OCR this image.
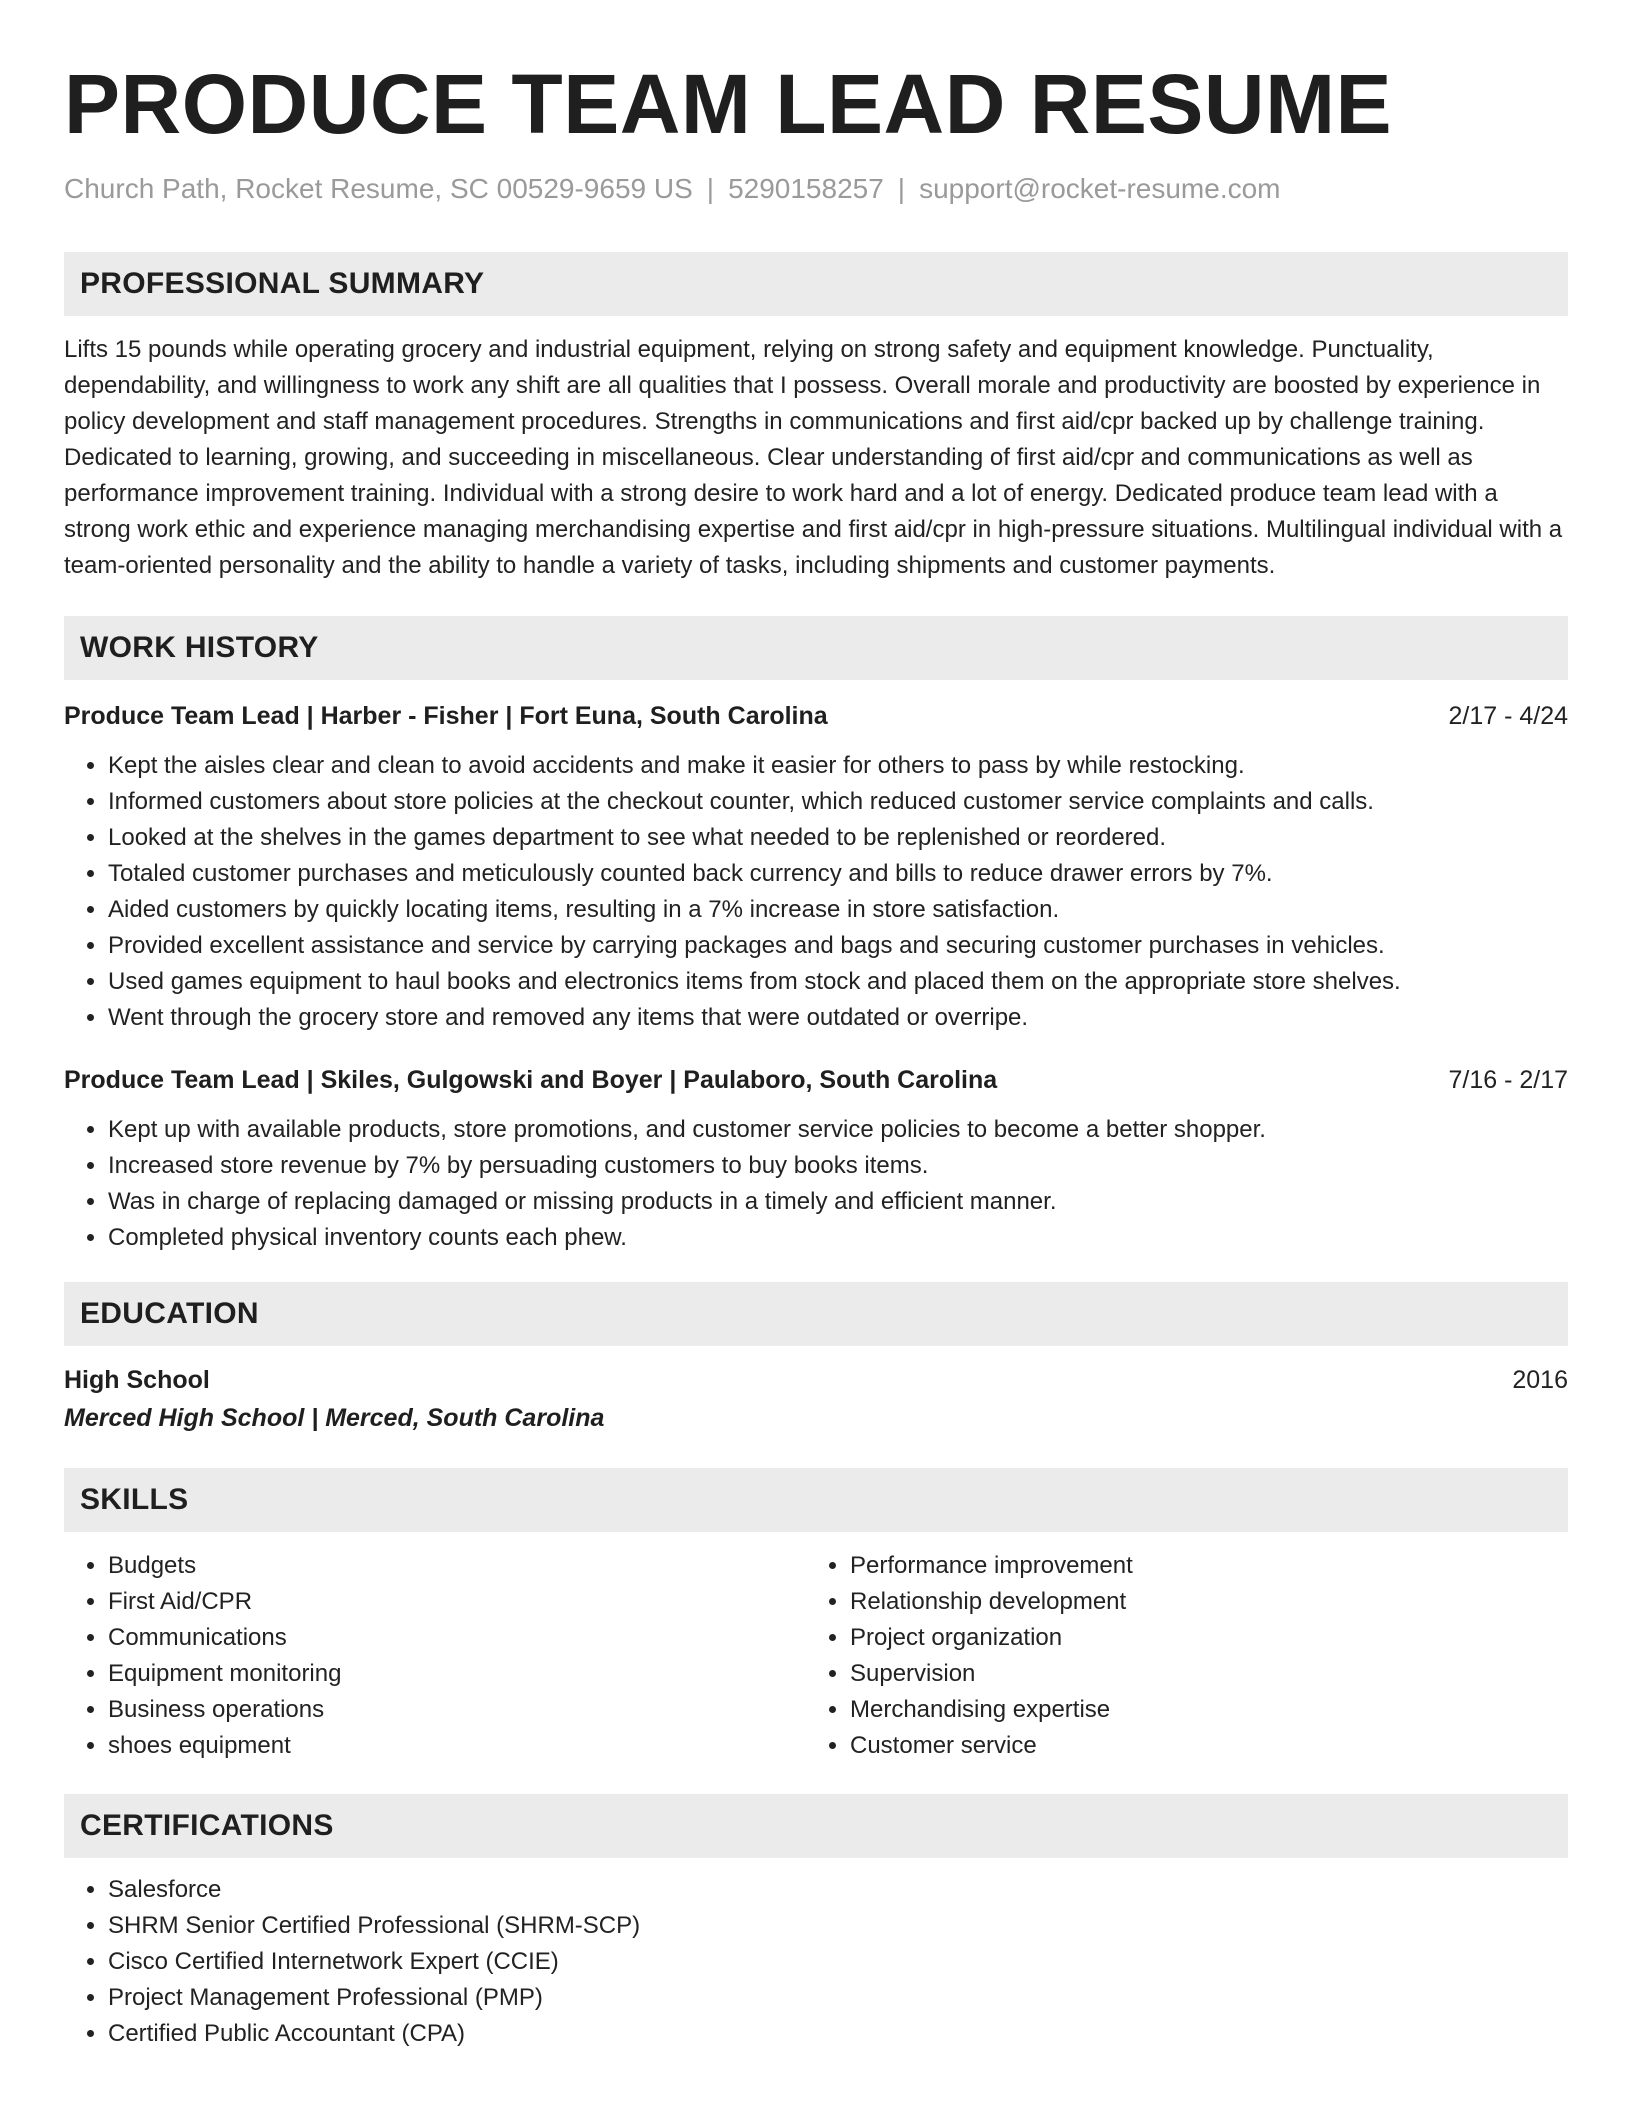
PRODUCE TEAM LEAD RESUME
Church Path, Rocket Resume, SC 00529-9659 US | 5290158257 | support@rocket-resume.com
PROFESSIONAL SUMMARY

Lifts 15 pounds while operating grocery and industrial equipment, relying on strong safety and equipment knowledge. Punctuality, dependability, and willingness to work any shift are all qualities that I possess. Overall morale and productivity are boosted by experience in policy development and staff management procedures. Strengths in communications and first aid/cpr backed up by challenge training. Dedicated to learning, growing, and succeeding in miscellaneous. Clear understanding of first aid/cpr and communications as well as performance improvement training. Individual with a strong desire to work hard and a lot of energy. Dedicated produce team lead with a strong work ethic and experience managing merchandising expertise and first aid/cpr in high-pressure situations. Multilingual individual with a team-oriented personality and the ability to handle a variety of tasks, including shipments and customer payments.

WORK HISTORY
Produce Team Lead | Harber - Fisher | Fort Euna, South Carolina	2/17 - 4/24
• Kept the aisles clear and clean to avoid accidents and make it easier for others to pass by while restocking.
• Informed customers about store policies at the checkout counter, which reduced customer service complaints and calls.
• Looked at the shelves in the games department to see what needed to be replenished or reordered.
• Totaled customer purchases and meticulously counted back currency and bills to reduce drawer errors by 7%.
• Aided customers by quickly locating items, resulting in a 7% increase in store satisfaction.
• Provided excellent assistance and service by carrying packages and bags and securing customer purchases in vehicles.
• Used games equipment to haul books and electronics items from stock and placed them on the appropriate store shelves.
• Went through the grocery store and removed any items that were outdated or overripe.
Produce Team Lead | Skiles, Gulgowski and Boyer | Paulaboro, South Carolina	7/16 - 2/17
• Kept up with available products, store promotions, and customer service policies to become a better shopper.
• Increased store revenue by 7% by persuading customers to buy books items.
• Was in charge of replacing damaged or missing products in a timely and efficient manner.
• Completed physical inventory counts each phew.
EDUCATION
High School	2016
Merced High School | Merced, South Carolina
SKILLS
• Budgets
• First Aid/CPR
• Communications
• Equipment monitoring
• Business operations
• shoes equipment
• Performance improvement
• Relationship development
• Project organization
• Supervision
• Merchandising expertise
• Customer service
CERTIFICATIONS
• Salesforce
• SHRM Senior Certified Professional (SHRM-SCP)
• Cisco Certified Internetwork Expert (CCIE)
• Project Management Professional (PMP)
• Certified Public Accountant (CPA)
